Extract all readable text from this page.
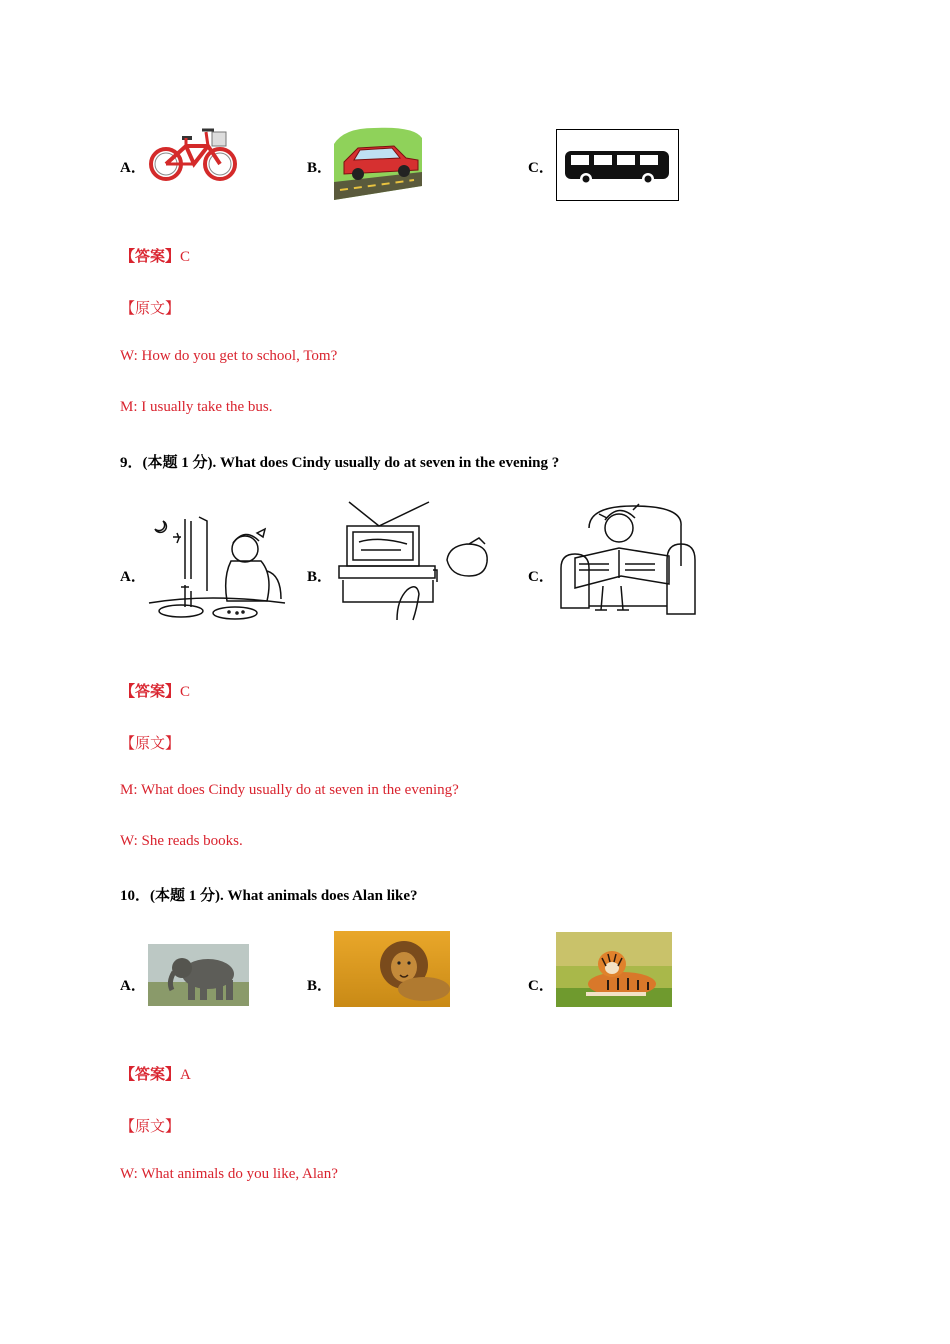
A．	B．	C．
【答案】C
【原文】
W: How do you get to school, Tom?
M: I usually take the bus.
9．(本题 1 分). What does Cindy usually do at seven in the evening ?
A．	B．	C．
【答案】C
【原文】
M: What does Cindy usually do at seven in the evening?
W: She reads books.
10．(本题 1 分). What animals does Alan like?
A．	B．	C．
【答案】A
【原文】
W: What animals do you like, Alan?
